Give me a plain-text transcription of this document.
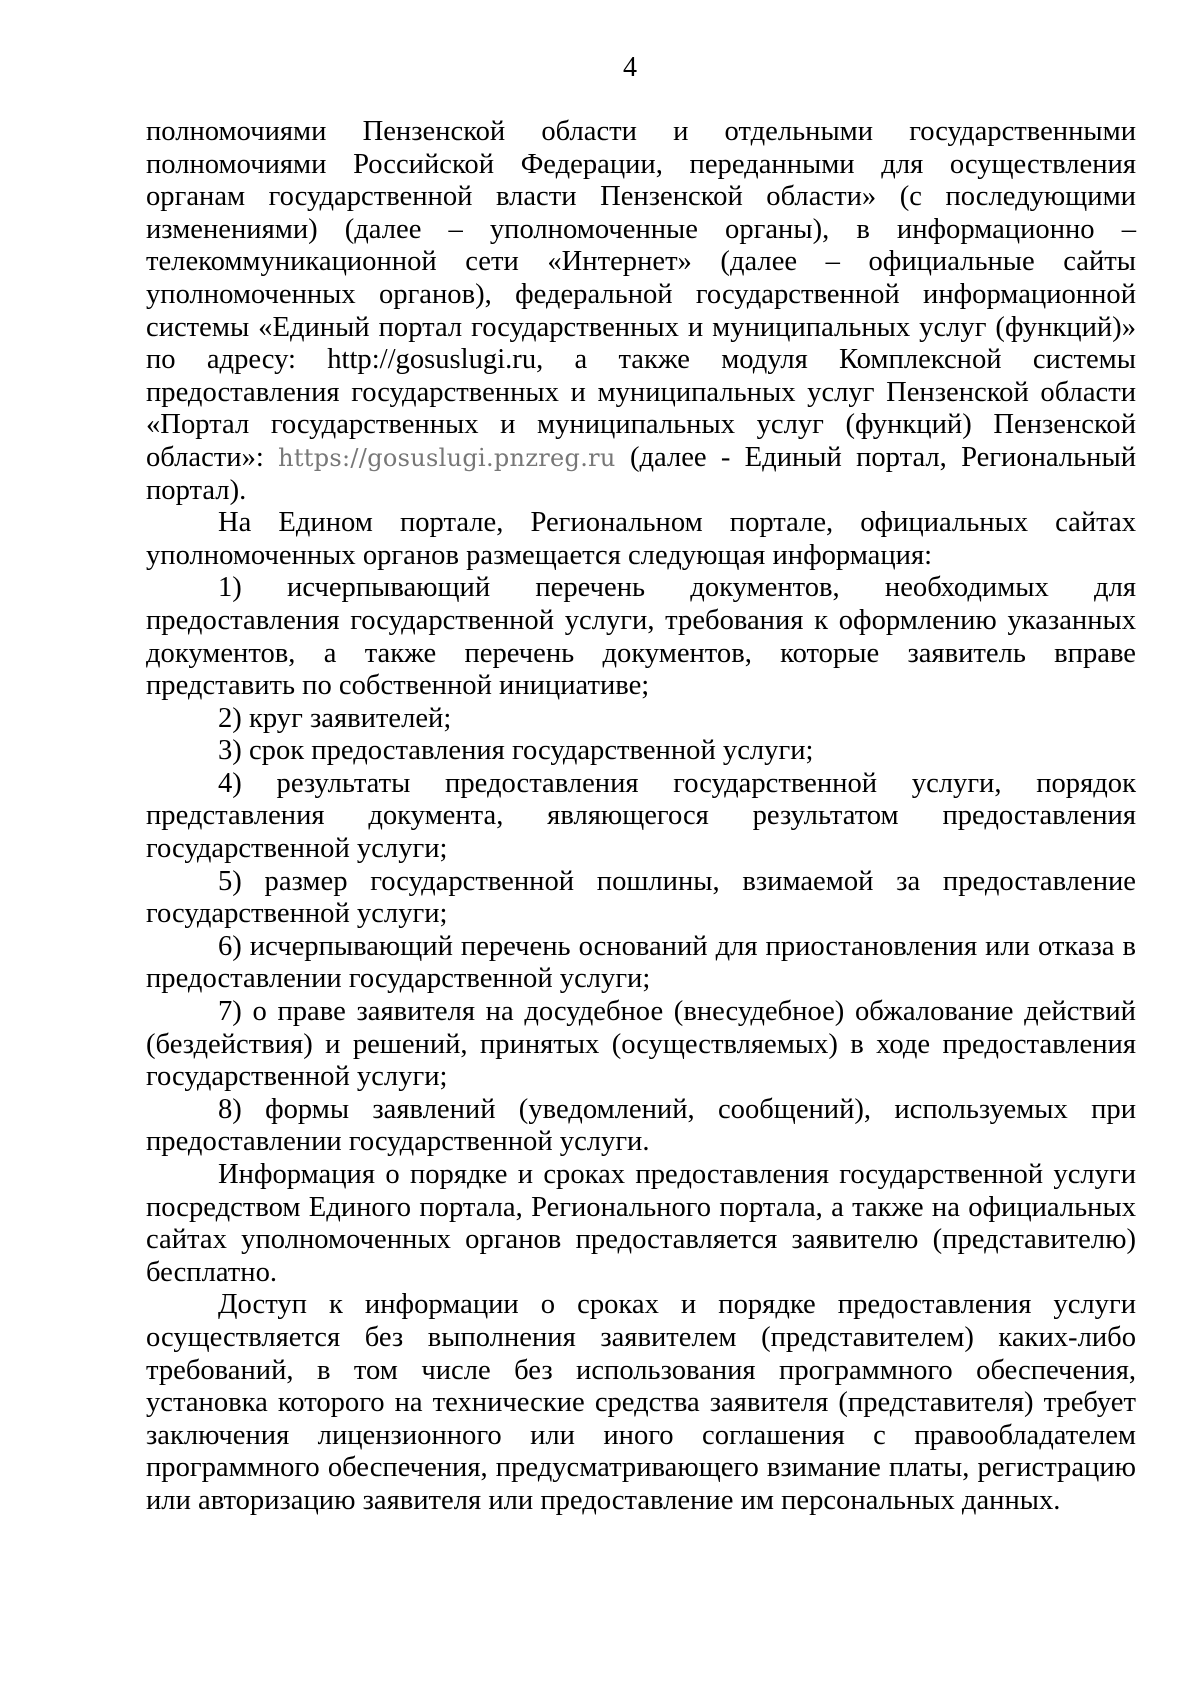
4

полномочиями Пензенской области и отдельными государственными полномочиями Российской Федерации, переданными для осуществления органам государственной власти Пензенской области» (с последующими изменениями) (далее – уполномоченные органы), в информационно – телекоммуникационной сети «Интернет» (далее – официальные сайты уполномоченных органов), федеральной государственной информационной системы «Единый портал государственных и муниципальных услуг (функций)» по адресу: http://gosuslugi.ru, а также модуля Комплексной системы предоставления государственных и муниципальных услуг Пензенской области «Портал государственных и муниципальных услуг (функций) Пензенской области»: https://gosuslugi.pnzreg.ru (далее - Единый портал, Региональный портал).

На Едином портале, Региональном портале, официальных сайтах уполномоченных органов размещается следующая информация:

1) исчерпывающий перечень документов, необходимых для предоставления государственной услуги, требования к оформлению указанных документов, а также перечень документов, которые заявитель вправе представить по собственной инициативе;

2) круг заявителей;

3) срок предоставления государственной услуги;

4) результаты предоставления государственной услуги, порядок представления документа, являющегося результатом предоставления государственной услуги;

5) размер государственной пошлины, взимаемой за предоставление государственной услуги;

6) исчерпывающий перечень оснований для приостановления или отказа в предоставлении государственной услуги;

7) о праве заявителя на досудебное (внесудебное) обжалование действий (бездействия) и решений, принятых (осуществляемых) в ходе предоставления государственной услуги;

8) формы заявлений (уведомлений, сообщений), используемых при предоставлении государственной услуги.

Информация о порядке и сроках предоставления государственной услуги посредством Единого портала, Регионального портала, а также на официальных сайтах уполномоченных органов предоставляется заявителю (представителю) бесплатно.

Доступ к информации о сроках и порядке предоставления услуги осуществляется без выполнения заявителем (представителем) каких-либо требований, в том числе без использования программного обеспечения, установка которого на технические средства заявителя (представителя) требует заключения лицензионного или иного соглашения с правообладателем программного обеспечения, предусматривающего взимание платы, регистрацию или авторизацию заявителя или предоставление им персональных данных.
